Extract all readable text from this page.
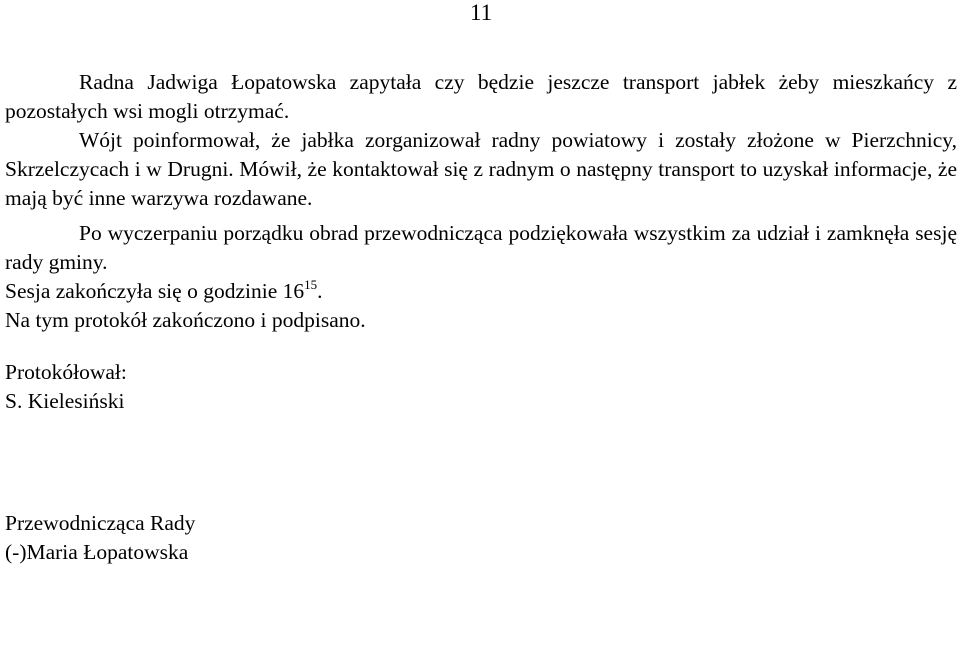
11

Radna Jadwiga Łopatowska zapytała czy będzie jeszcze transport jabłek żeby mieszkańcy z pozostałych wsi mogli otrzymać.

Wójt poinformował, że jabłka zorganizował radny powiatowy i zostały złożone w Pierzchnicy, Skrzelczycach i w Drugni. Mówił, że kontaktował się z radnym o następny transport to uzyskał informacje, że mają być inne warzywa rozdawane.

Po wyczerpaniu porządku obrad przewodnicząca podziękowała wszystkim za udział i zamknęła sesję rady gminy.

Sesja zakończyła się o godzinie $16^{15}$.

Na tym protokół zakończono i podpisano.

Protokółował:

S. Kielesiński

Przewodnicząca Rady

(-)Maria Łopatowska
